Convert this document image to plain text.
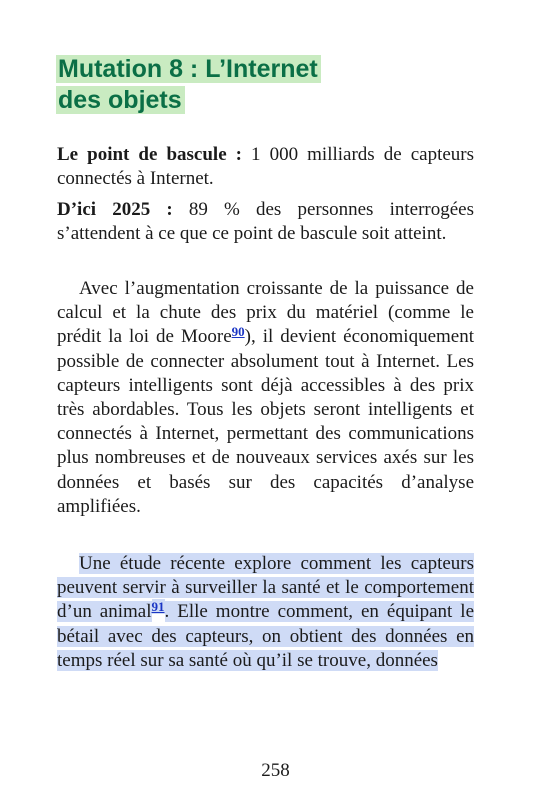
Mutation 8 : L’Internet
des objets

Le point de bascule : 1 000 milliards de capteurs connectés à Internet.

D’ici 2025 : 89 % des personnes interrogées s’attendent à ce que ce point de bascule soit atteint.

Avec l’augmentation croissante de la puissance de calcul et la chute des prix du matériel (comme le prédit la loi de Moore$^{90}$), il devient économiquement possible de connecter absolument tout à Internet. Les capteurs intelligents sont déjà accessibles à des prix très abordables. Tous les objets seront intelligents et connectés à Internet, permettant des communications plus nombreuses et de nouveaux services axés sur les données et basés sur des capacités d’analyse amplifiées.

Une étude récente explore comment les capteurs peuvent servir à surveiller la santé et le comportement d’un animal$^{91}$. Elle montre comment, en équipant le bétail avec des capteurs, on obtient des données en temps réel sur sa santé où qu’il se trouve, données

258
